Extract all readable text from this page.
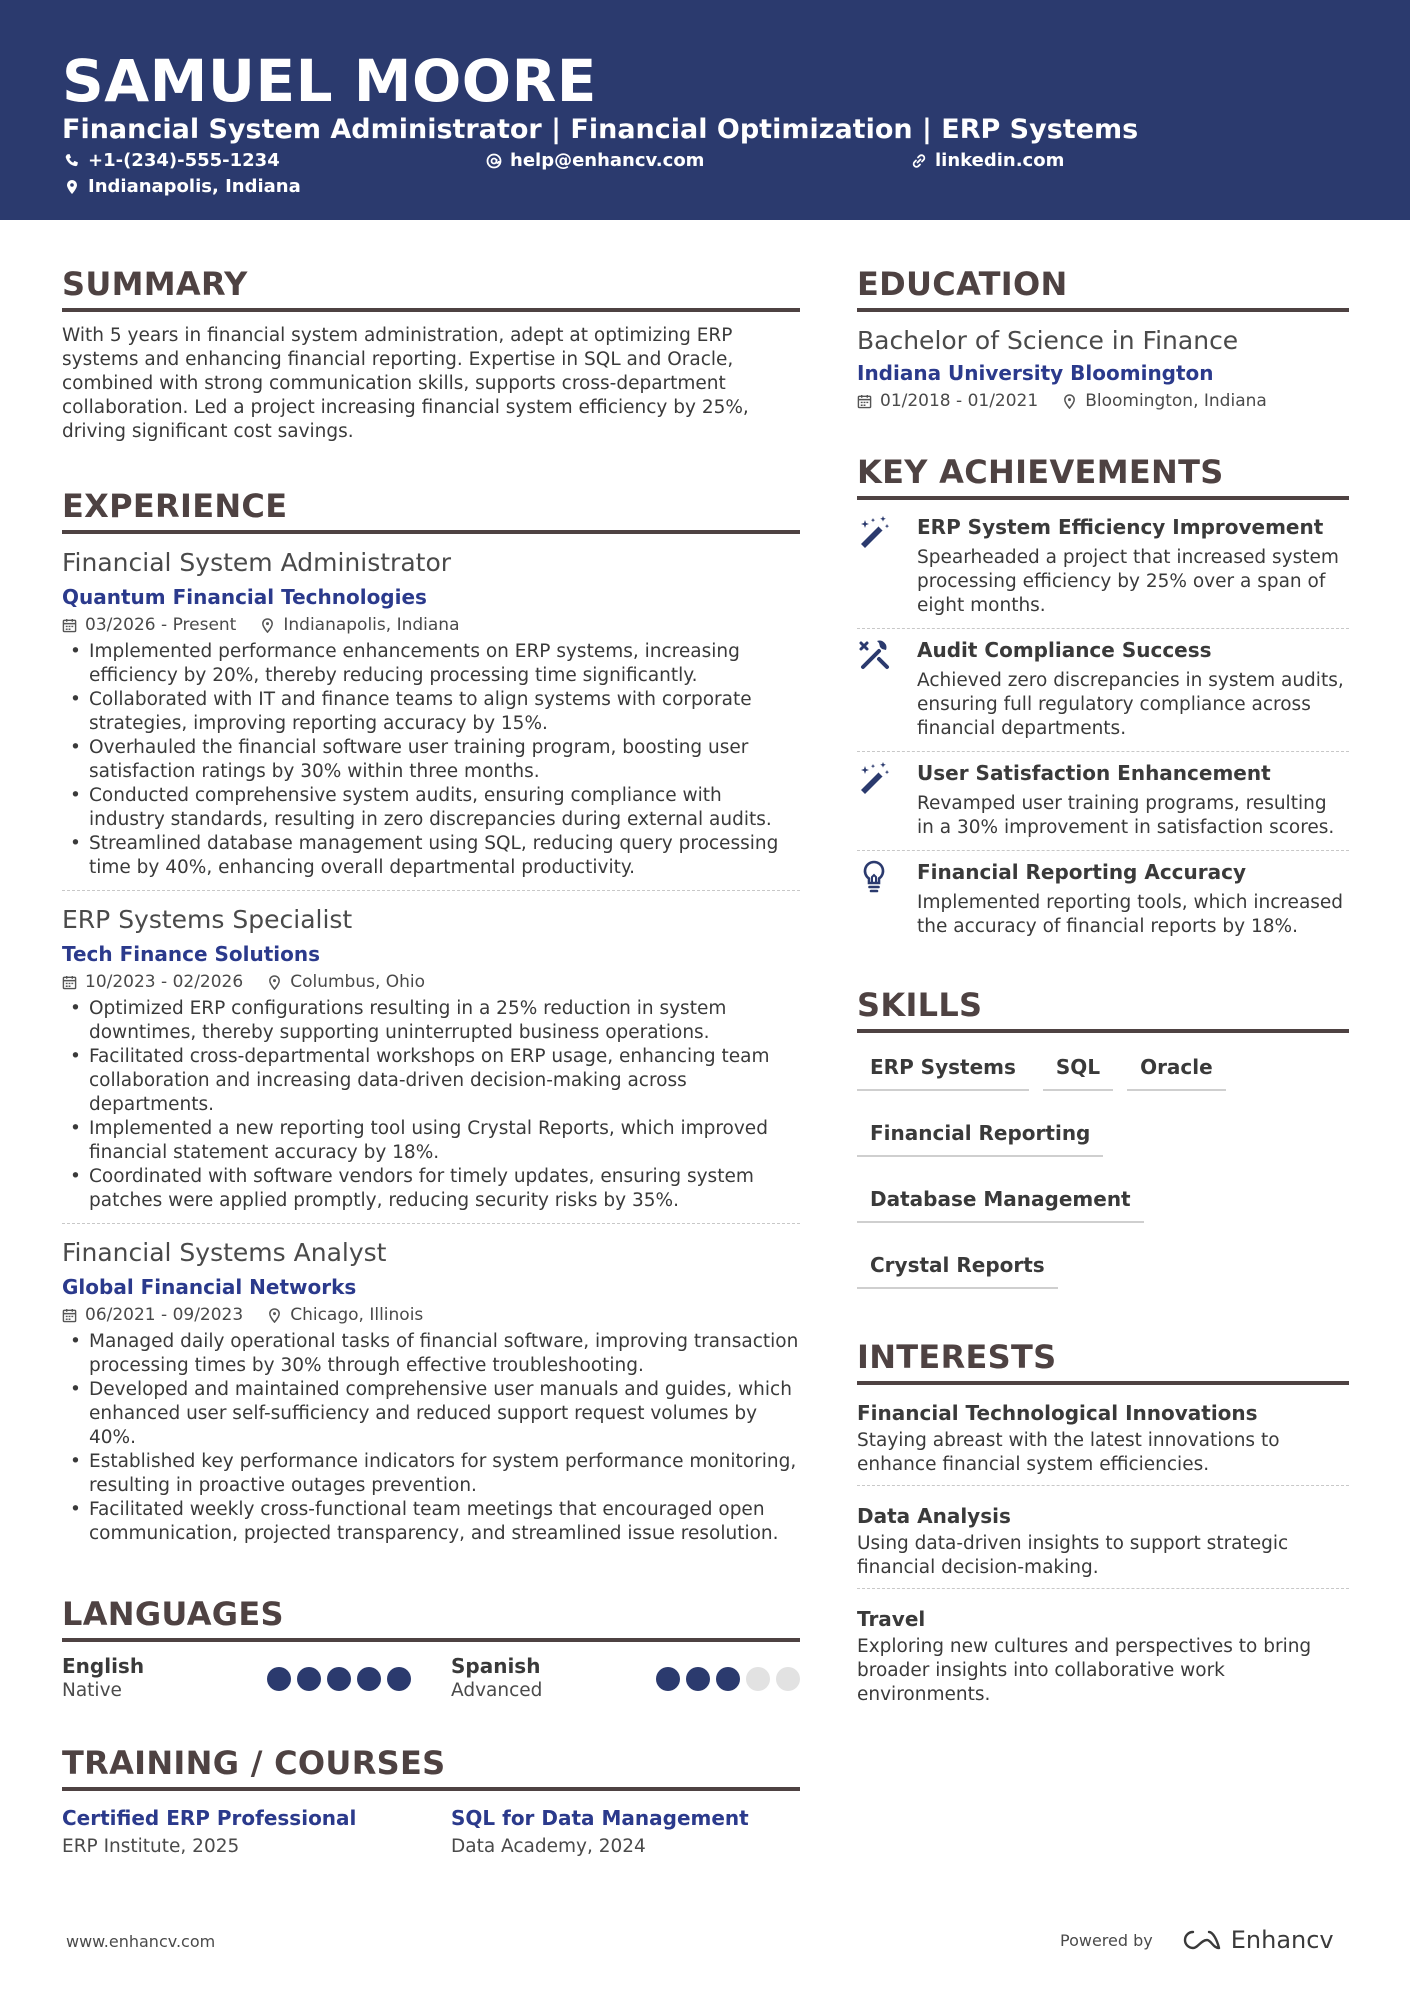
SAMUEL MOORE
Financial System Administrator | Financial Optimization | ERP Systems
+1-(234)-555-1234	help@enhancv.com	linkedin.com
Indianapolis, Indiana
SUMMARY
With 5 years in financial system administration, adept at optimizing ERP systems and enhancing financial reporting. Expertise in SQL and Oracle, combined with strong communication skills, supports cross-department collaboration. Led a project increasing financial system efficiency by 25%, driving significant cost savings.
EXPERIENCE
Financial System Administrator
Quantum Financial Technologies
03/2026 - Present	Indianapolis, Indiana
• Implemented performance enhancements on ERP systems, increasing efficiency by 20%, thereby reducing processing time significantly.
• Collaborated with IT and finance teams to align systems with corporate strategies, improving reporting accuracy by 15%.
• Overhauled the financial software user training program, boosting user satisfaction ratings by 30% within three months.
• Conducted comprehensive system audits, ensuring compliance with industry standards, resulting in zero discrepancies during external audits.
• Streamlined database management using SQL, reducing query processing time by 40%, enhancing overall departmental productivity.
ERP Systems Specialist
Tech Finance Solutions
10/2023 - 02/2026	Columbus, Ohio
• Optimized ERP configurations resulting in a 25% reduction in system downtimes, thereby supporting uninterrupted business operations.
• Facilitated cross-departmental workshops on ERP usage, enhancing team collaboration and increasing data-driven decision-making across departments.
• Implemented a new reporting tool using Crystal Reports, which improved financial statement accuracy by 18%.
• Coordinated with software vendors for timely updates, ensuring system patches were applied promptly, reducing security risks by 35%.
Financial Systems Analyst
Global Financial Networks
06/2021 - 09/2023	Chicago, Illinois
• Managed daily operational tasks of financial software, improving transaction processing times by 30% through effective troubleshooting.
• Developed and maintained comprehensive user manuals and guides, which enhanced user self-sufficiency and reduced support request volumes by 40%.
• Established key performance indicators for system performance monitoring, resulting in proactive outages prevention.
• Facilitated weekly cross-functional team meetings that encouraged open communication, projected transparency, and streamlined issue resolution.
LANGUAGES
English
Native
Spanish
Advanced
TRAINING / COURSES
Certified ERP Professional
ERP Institute, 2025
SQL for Data Management
Data Academy, 2024
EDUCATION
Bachelor of Science in Finance
Indiana University Bloomington
01/2018 - 01/2021	Bloomington, Indiana
KEY ACHIEVEMENTS
ERP System Efficiency Improvement
Spearheaded a project that increased system processing efficiency by 25% over a span of eight months.
Audit Compliance Success
Achieved zero discrepancies in system audits, ensuring full regulatory compliance across financial departments.
User Satisfaction Enhancement
Revamped user training programs, resulting in a 30% improvement in satisfaction scores.
Financial Reporting Accuracy
Implemented reporting tools, which increased the accuracy of financial reports by 18%.
SKILLS
ERP Systems	SQL	Oracle
Financial Reporting
Database Management
Crystal Reports
INTERESTS
Financial Technological Innovations
Staying abreast with the latest innovations to enhance financial system efficiencies.
Data Analysis
Using data-driven insights to support strategic financial decision-making.
Travel
Exploring new cultures and perspectives to bring broader insights into collaborative work environments.
www.enhancv.com	Powered by	Enhancv
